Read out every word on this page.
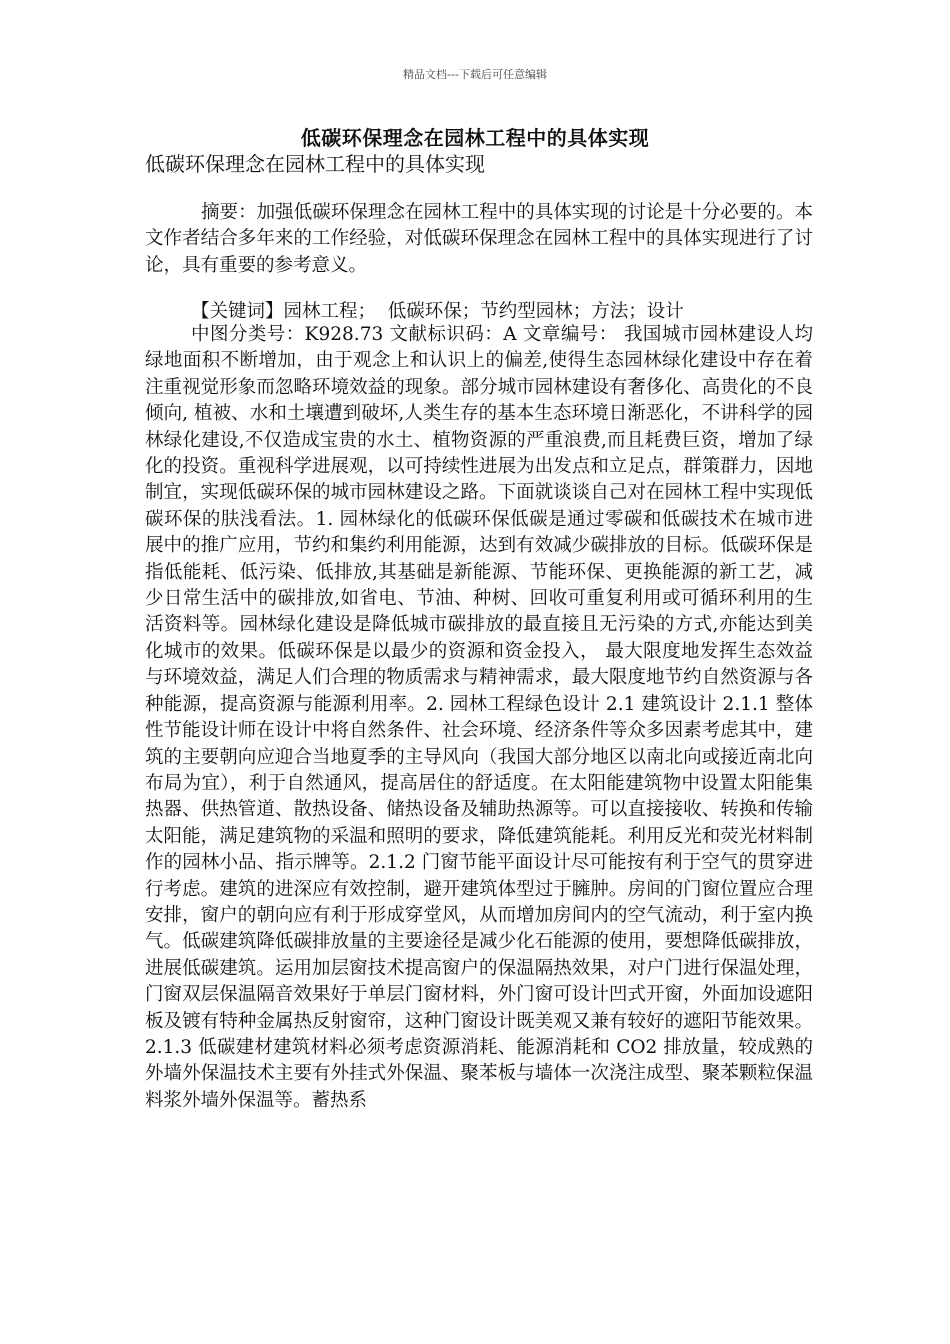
精品文档---下载后可任意编辑
低碳环保理念在园林工程中的具体实现
低碳环保理念在园林工程中的具体实现
摘要：加强低碳环保理念在园林工程中的具体实现的讨论是十分必要的。本文作者结合多年来的工作经验，对低碳环保理念在园林工程中的具体实现进行了讨论，具有重要的参考意义。
【关键词】园林工程；  低碳环保；节约型园林；方法；设计
中图分类号：K928.73 文献标识码：A 文章编号： 我国城市园林建设人均绿地面积不断增加，由于观念上和认识上的偏差,使得生态园林绿化建设中存在着注重视觉形象而忽略环境效益的现象。部分城市园林建设有奢侈化、高贵化的不良倾向, 植被、水和土壤遭到破坏,人类生存的基本生态环境日渐恶化，不讲科学的园林绿化建设,不仅造成宝贵的水土、植物资源的严重浪费,而且耗费巨资，增加了绿化的投资。重视科学进展观，以可持续性进展为出发点和立足点，群策群力，因地制宜，实现低碳环保的城市园林建设之路。下面就谈谈自己对在园林工程中实现低碳环保的肤浅看法。1. 园林绿化的低碳环保低碳是通过零碳和低碳技术在城市进展中的推广应用，节约和集约利用能源，达到有效减少碳排放的目标。低碳环保是指低能耗、低污染、低排放,其基础是新能源、节能环保、更换能源的新工艺，减少日常生活中的碳排放,如省电、节油、种树、回收可重复利用或可循环利用的生活资料等。园林绿化建设是降低城市碳排放的最直接且无污染的方式,亦能达到美化城市的效果。低碳环保是以最少的资源和资金投入， 最大限度地发挥生态效益与环境效益，满足人们合理的物质需求与精神需求，最大限度地节约自然资源与各种能源，提高资源与能源利用率。2. 园林工程绿色设计 2.1 建筑设计 2.1.1 整体性节能设计师在设计中将自然条件、社会环境、经济条件等众多因素考虑其中，建筑的主要朝向应迎合当地夏季的主导风向（我国大部分地区以南北向或接近南北向布局为宜），利于自然通风，提高居住的舒适度。在太阳能建筑物中设置太阳能集热器、供热管道、散热设备、储热设备及辅助热源等。可以直接接收、转换和传输太阳能，满足建筑物的采温和照明的要求，降低建筑能耗。利用反光和荧光材料制作的园林小品、指示牌等。2.1.2 门窗节能平面设计尽可能按有利于空气的贯穿进行考虑。建筑的进深应有效控制，避开建筑体型过于臃肿。房间的门窗位置应合理安排，窗户的朝向应有利于形成穿堂风，从而增加房间内的空气流动，利于室内换气。低碳建筑降低碳排放量的主要途径是减少化石能源的使用，要想降低碳排放，进展低碳建筑。运用加层窗技术提高窗户的保温隔热效果，对户门进行保温处理，门窗双层保温隔音效果好于单层门窗材料，外门窗可设计凹式开窗，外面加设遮阳板及镀有特种金属热反射窗帘，这种门窗设计既美观又兼有较好的遮阳节能效果。2.1.3 低碳建材建筑材料必须考虑资源消耗、能源消耗和 CO2 排放量，较成熟的外墙外保温技术主要有外挂式外保温、聚苯板与墙体一次浇注成型、聚苯颗粒保温料浆外墙外保温等。蓄热系
